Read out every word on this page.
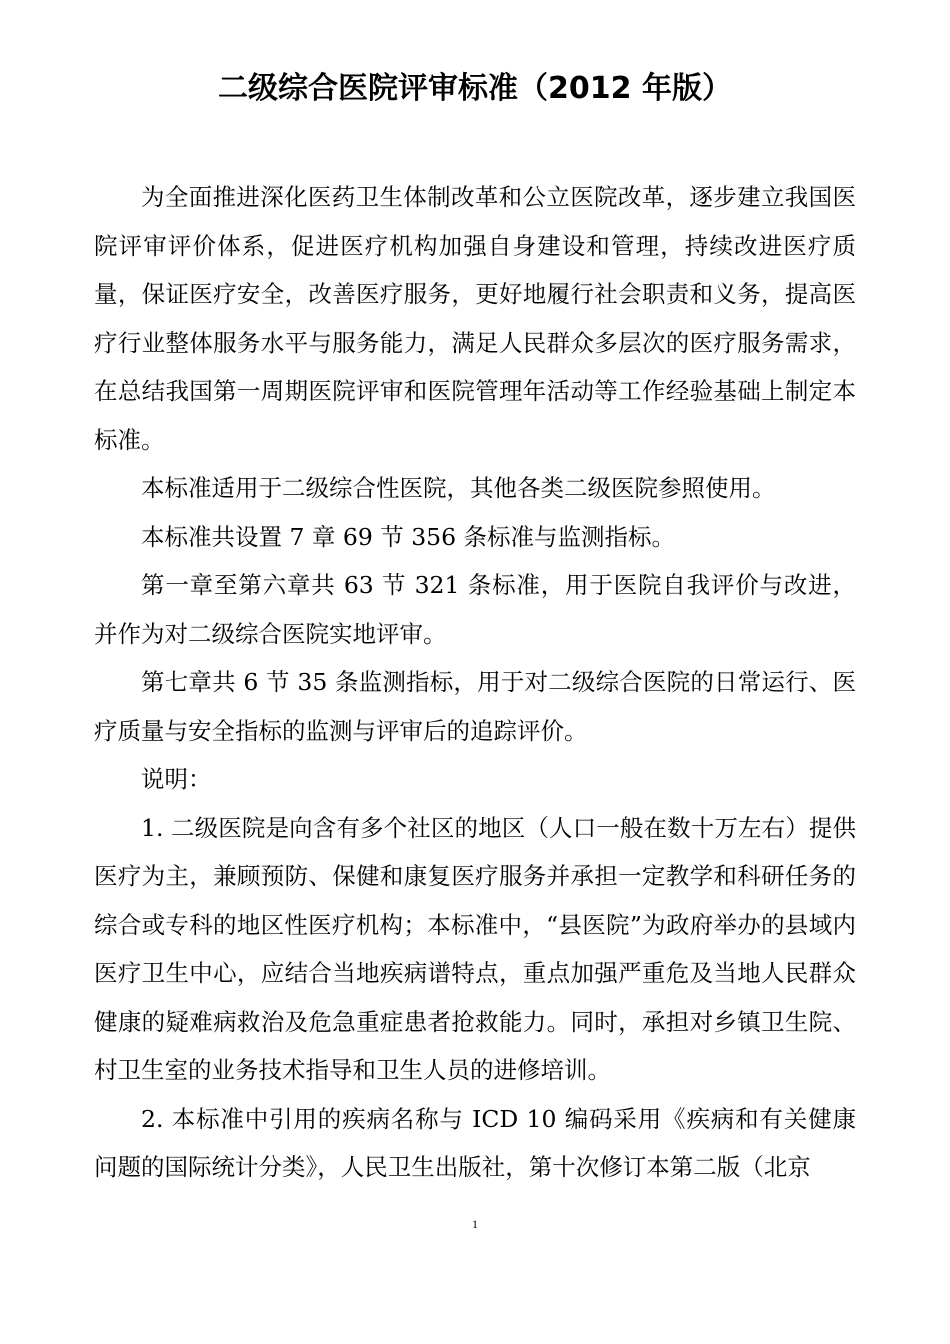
二级综合医院评审标准（2012 年版）

为全面推进深化医药卫生体制改革和公立医院改革，逐步建立我国医院评审评价体系，促进医疗机构加强自身建设和管理，持续改进医疗质量，保证医疗安全，改善医疗服务，更好地履行社会职责和义务，提高医疗行业整体服务水平与服务能力，满足人民群众多层次的医疗服务需求，在总结我国第一周期医院评审和医院管理年活动等工作经验基础上制定本标准。

本标准适用于二级综合性医院，其他各类二级医院参照使用。

本标准共设置 7 章 69 节 356 条标准与监测指标。

第一章至第六章共 63 节 321 条标准，用于医院自我评价与改进，并作为对二级综合医院实地评审。

第七章共 6 节 35 条监测指标，用于对二级综合医院的日常运行、医疗质量与安全指标的监测与评审后的追踪评价。

说明：

1. 二级医院是向含有多个社区的地区（人口一般在数十万左右）提供医疗为主，兼顾预防、保健和康复医疗服务并承担一定教学和科研任务的综合或专科的地区性医疗机构；本标准中，“县医院”为政府举办的县域内医疗卫生中心，应结合当地疾病谱特点，重点加强严重危及当地人民群众健康的疑难病救治及危急重症患者抢救能力。同时，承担对乡镇卫生院、村卫生室的业务技术指导和卫生人员的进修培训。

2. 本标准中引用的疾病名称与 ICD 10 编码采用《疾病和有关健康问题的国际统计分类》，人民卫生出版社，第十次修订本第二版（北京

1
